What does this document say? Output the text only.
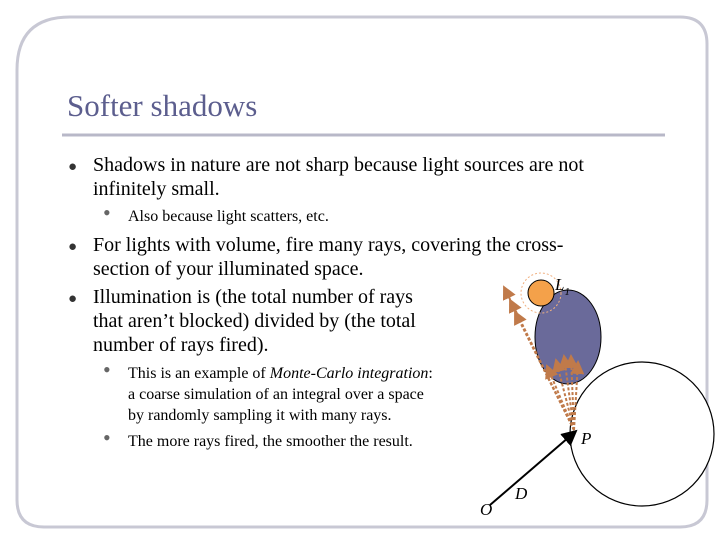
Softer shadows
● Shadows in nature are not sharp because light sources are not
infinitely small.
• Also because light scatters, etc.
● For lights with volume, fire many rays, covering the cross-
section of your illuminated space.
● Illumination is (the total number of rays
that aren’t blocked) divided by (the total
number of rays fired).
• This is an example of Monte-Carlo integration:
a coarse simulation of an integral over a space
by randomly sampling it with many rays.
• The more rays fired, the smoother the result.
$L_1$
P
O
D
